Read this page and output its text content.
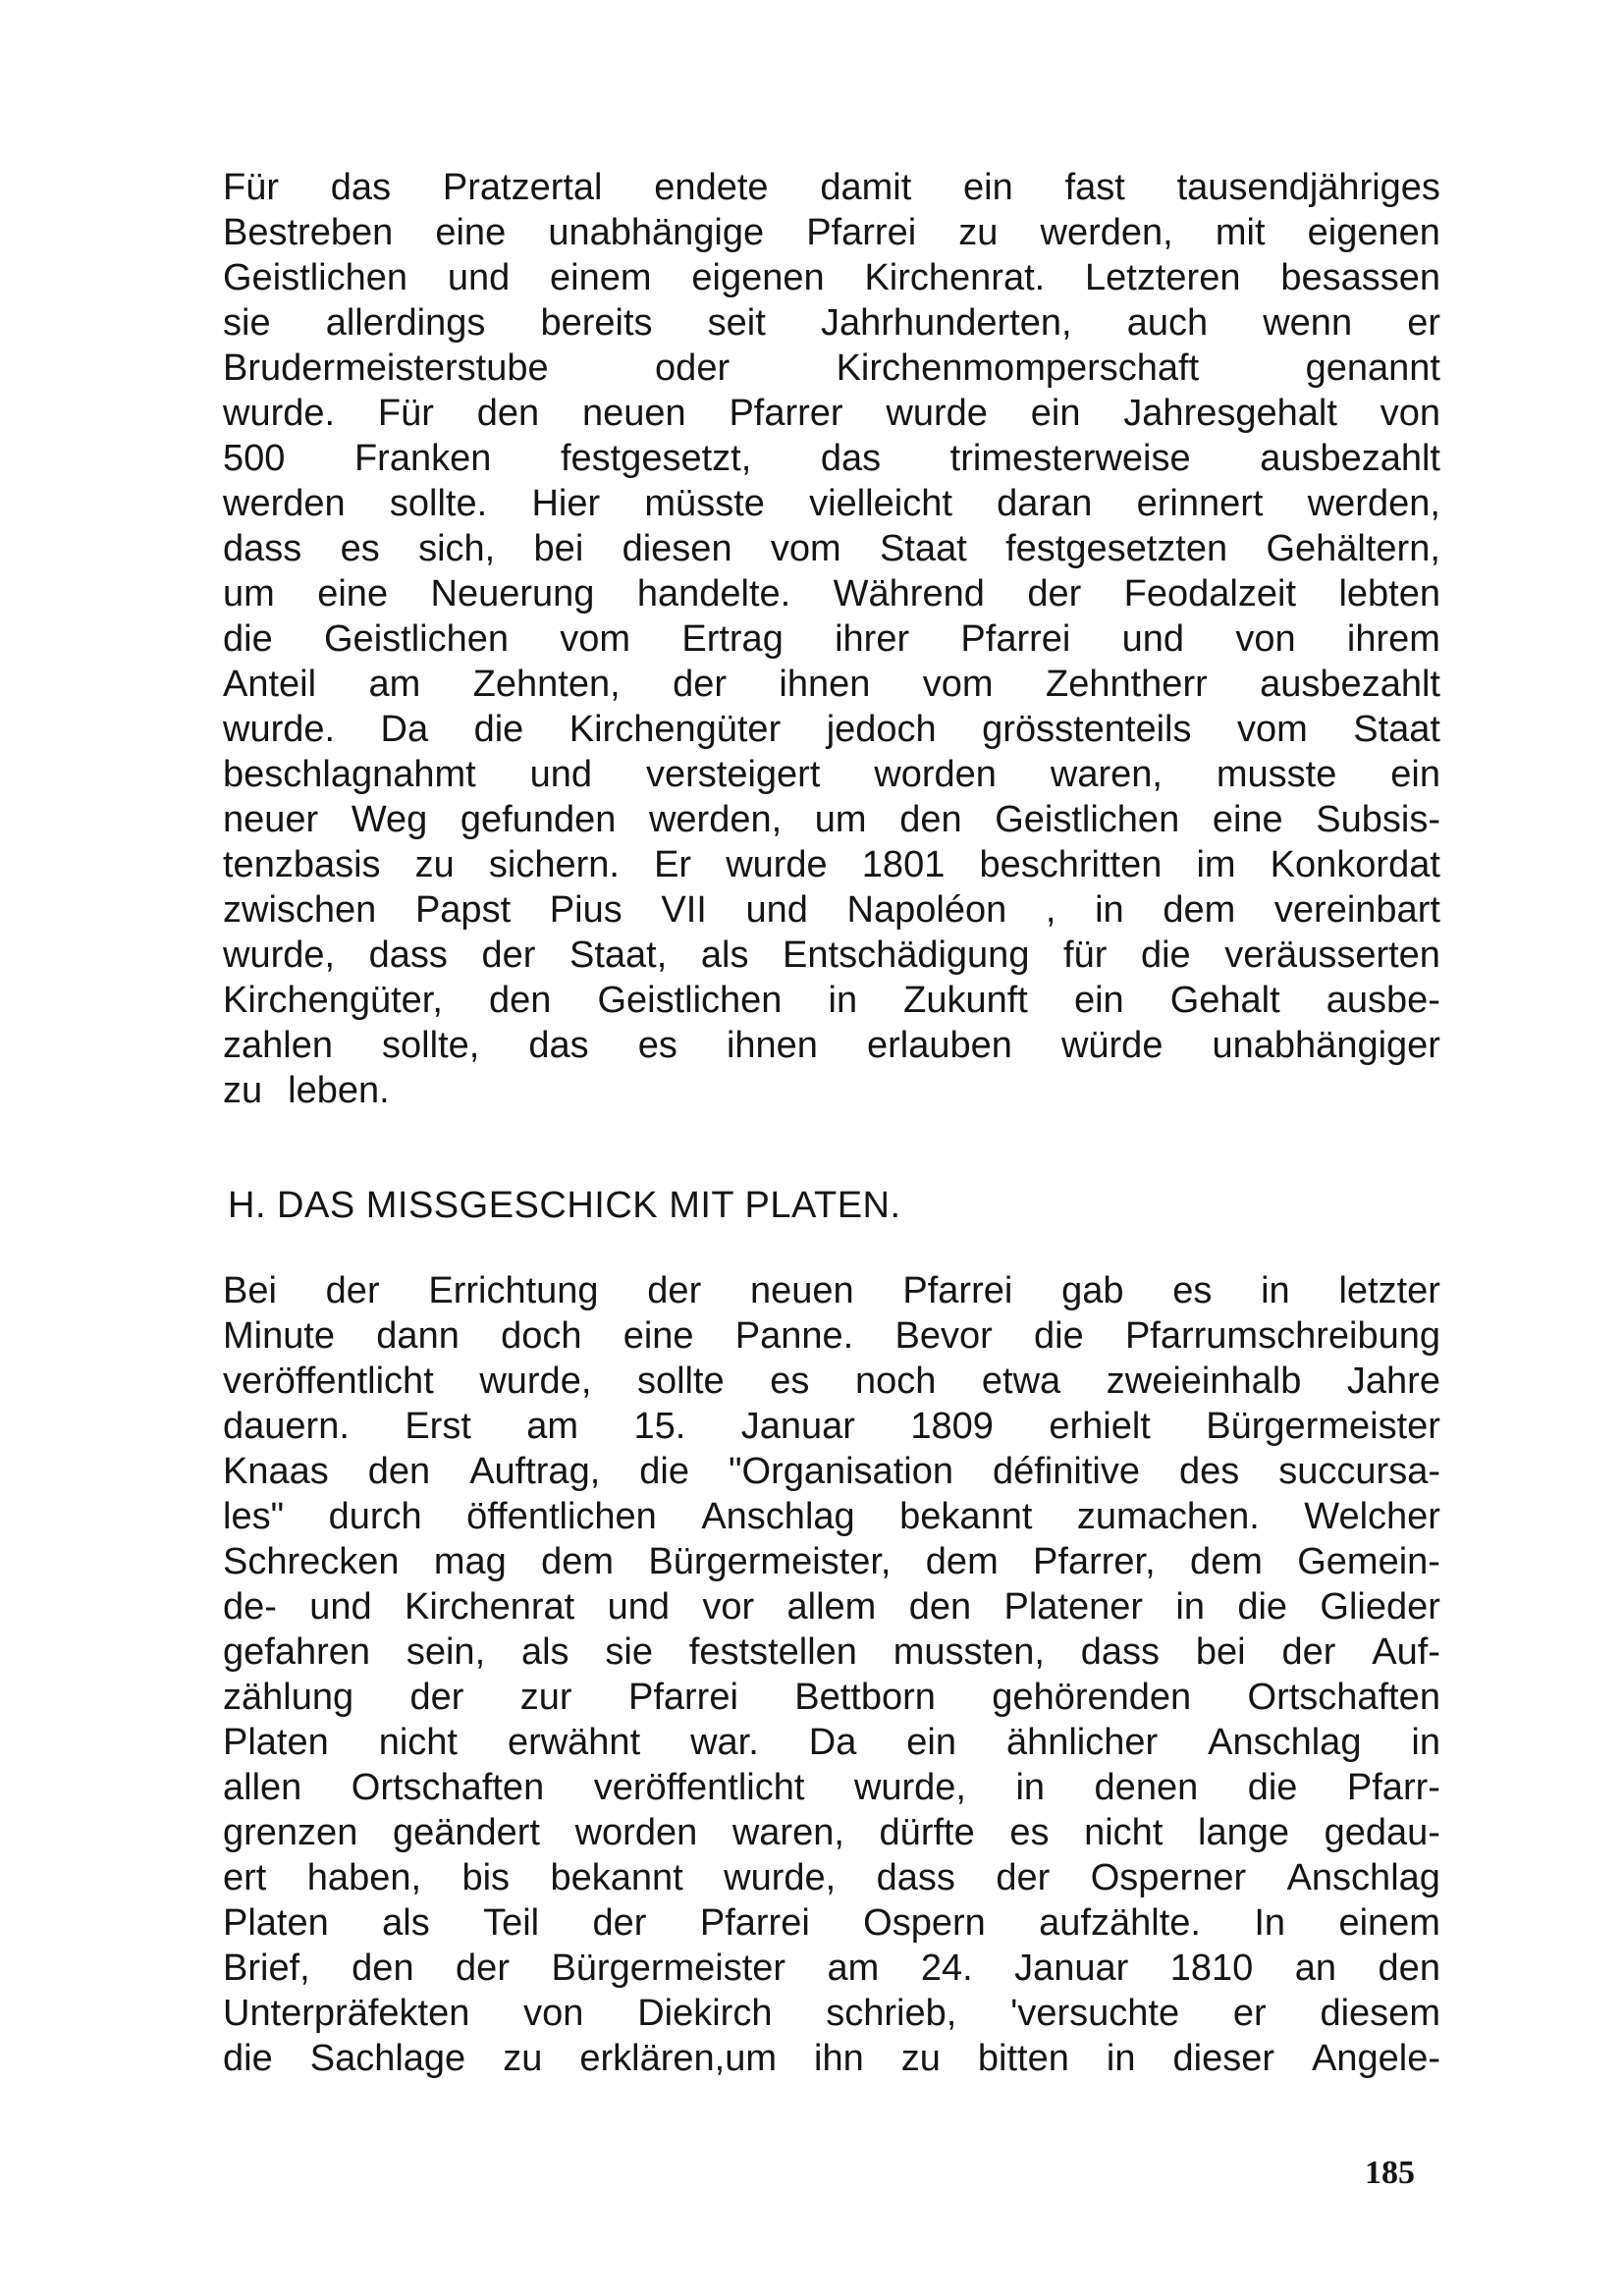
Für das Pratzertal endete damit ein fast tausendjähriges
Bestreben eine unabhängige Pfarrei zu werden, mit eigenen
Geistlichen und einem eigenen Kirchenrat. Letzteren besassen
sie allerdings bereits seit Jahrhunderten, auch wenn er
Brudermeisterstube	oder	Kirchenmomperschaft	genannt
wurde. Für den neuen Pfarrer wurde ein Jahresgehalt von
500 Franken festgesetzt, das trimesterweise ausbezahlt
werden sollte. Hier müsste vielleicht daran erinnert werden,
dass es sich, bei diesen vom Staat festgesetzten Gehältern,
um eine Neuerung handelte. Während der Feodalzeit lebten
die Geistlichen vom Ertrag ihrer Pfarrei und von ihrem
Anteil am Zehnten, der ihnen vom Zehntherr ausbezahlt
wurde. Da die Kirchengüter jedoch grösstenteils vom Staat
beschlagnahmt und versteigert worden waren, musste ein
neuer Weg gefunden werden, um den Geistlichen eine Subsis-
tenzbasis zu sichern. Er wurde 1801 beschritten im Konkordat
zwischen Papst Pius VII und Napoléon , in dem vereinbart
wurde, dass der Staat, als Entschädigung für die veräusserten
Kirchengüter, den Geistlichen in Zukunft ein Gehalt ausbe-
zahlen sollte, das es ihnen erlauben würde unabhängiger
zu leben.
H. DAS MISSGESCHICK MIT PLATEN.
Bei der Errichtung der neuen Pfarrei gab es in letzter
Minute dann doch eine Panne. Bevor die Pfarrumschreibung
veröffentlicht wurde, sollte es noch etwa zweieinhalb Jahre
dauern. Erst am 15. Januar 1809 erhielt Bürgermeister
Knaas den Auftrag, die "Organisation définitive des succursa-
les" durch öffentlichen Anschlag bekannt zumachen. Welcher
Schrecken mag dem Bürgermeister, dem Pfarrer, dem Gemein-
de- und Kirchenrat und vor allem den Platener in die Glieder
gefahren sein, als sie feststellen mussten, dass bei der Auf-
zählung der zur Pfarrei Bettborn gehörenden Ortschaften
Platen nicht erwähnt war. Da ein ähnlicher Anschlag in
allen Ortschaften veröffentlicht wurde, in denen die Pfarr-
grenzen geändert worden waren, dürfte es nicht lange gedau-
ert haben, bis bekannt wurde, dass der Osperner Anschlag
Platen als Teil der Pfarrei Ospern aufzählte. In einem
Brief, den der Bürgermeister am 24. Januar 1810 an den
Unterpräfekten von Diekirch schrieb, 'versuchte er diesem
die Sachlage zu erklären,um ihn zu bitten in dieser Angele-
185
